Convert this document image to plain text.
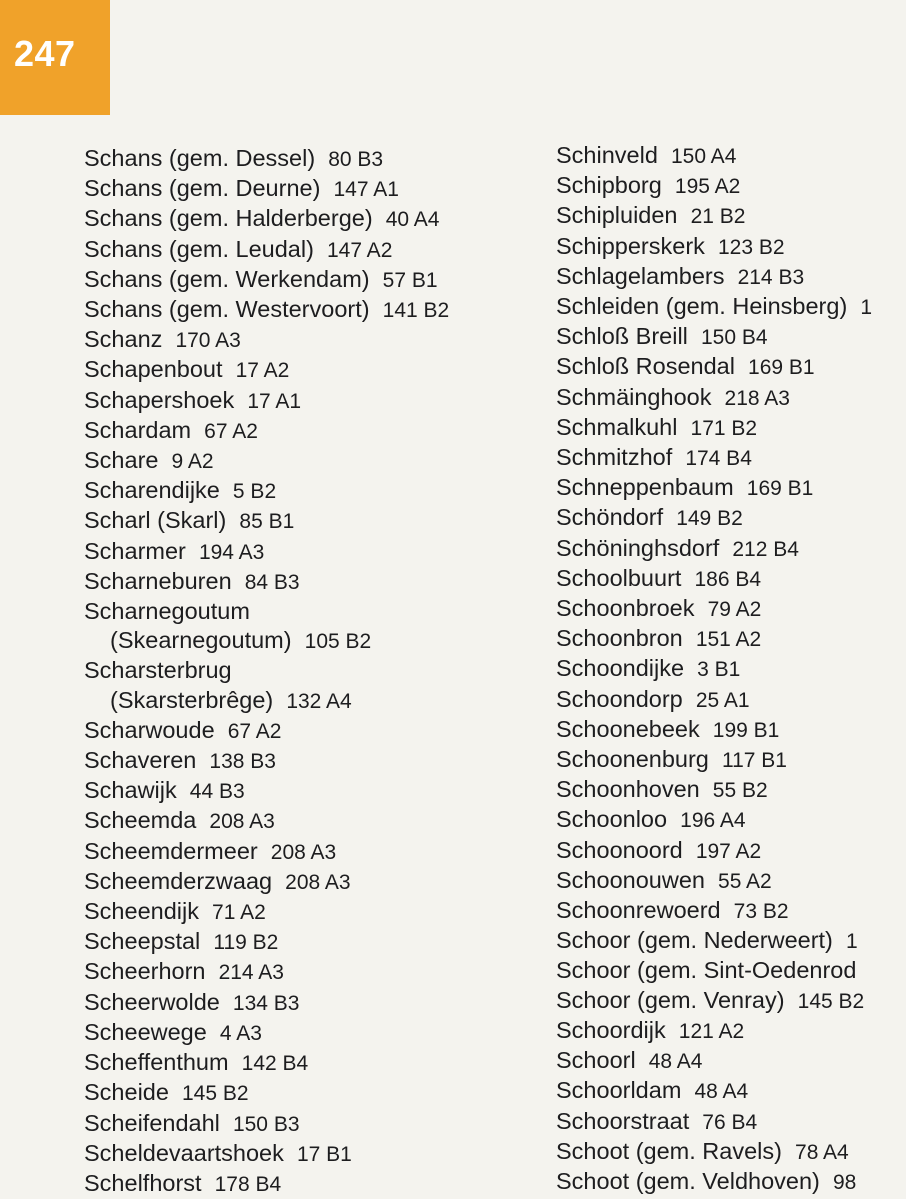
247
Schans (gem. Dessel) 80 B3
Schans (gem. Deurne) 147 A1
Schans (gem. Halderberge) 40 A4
Schans (gem. Leudal) 147 A2
Schans (gem. Werkendam) 57 B1
Schans (gem. Westervoort) 141 B2
Schanz 170 A3
Schapenbout 17 A2
Schapershoek 17 A1
Schardam 67 A2
Schare 9 A2
Scharendijke 5 B2
Scharl (Skarl) 85 B1
Scharmer 194 A3
Scharneburen 84 B3
Scharnegoutum
(Skearnegoutum) 105 B2
Scharsterbrug
(Skarsterbrêge) 132 A4
Scharwoude 67 A2
Schaveren 138 B3
Schawijk 44 B3
Scheemda 208 A3
Scheemdermeer 208 A3
Scheemderzwaag 208 A3
Scheendijk 71 A2
Scheepstal 119 B2
Scheerhorn 214 A3
Scheerwolde 134 B3
Scheewege 4 A3
Scheffenthum 142 B4
Scheide 145 B2
Scheifendahl 150 B3
Scheldevaartshoek 17 B1
Schelfhorst 178 B4
Schinveld 150 A4
Schipborg 195 A2
Schipluiden 21 B2
Schipperskerk 123 B2
Schlagelambers 214 B3
Schleiden (gem. Heinsberg) 1
Schloß Breill 150 B4
Schloß Rosendal 169 B1
Schmäinghook 218 A3
Schmalkuhl 171 B2
Schmitzhof 174 B4
Schneppenbaum 169 B1
Schöndorf 149 B2
Schöninghsdorf 212 B4
Schoolbuurt 186 B4
Schoonbroek 79 A2
Schoonbron 151 A2
Schoondijke 3 B1
Schoondorp 25 A1
Schoonebeek 199 B1
Schoonenburg 117 B1
Schoonhoven 55 B2
Schoonloo 196 A4
Schoonoord 197 A2
Schoonouwen 55 A2
Schoonrewoerd 73 B2
Schoor (gem. Nederweert) 1
Schoor (gem. Sint-Oedenrod
Schoor (gem. Venray) 145 B2
Schoordijk 121 A2
Schoorl 48 A4
Schoorldam 48 A4
Schoorstraat 76 B4
Schoot (gem. Ravels) 78 A4
Schoot (gem. Veldhoven) 98
